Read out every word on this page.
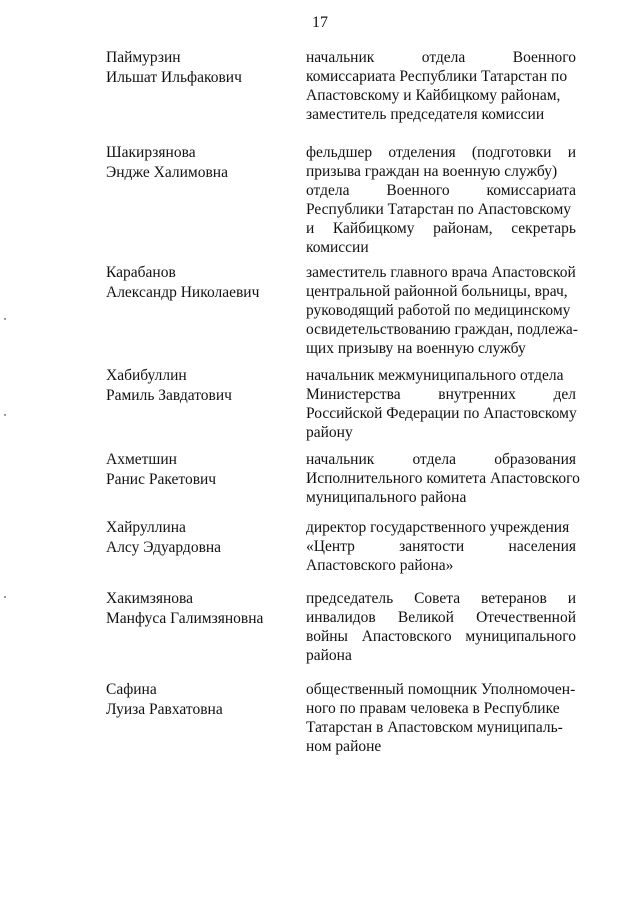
17
Паймурзин
Ильшат Ильфакович
начальник отдела Военного
комиссариата Республики Татарстан по
Апастовскому и Кайбицкому районам,
заместитель председателя комиссии
Шакирзянова
Эндже Халимовна
фельдшер отделения (подготовки и
призыва граждан на военную службу)
отдела Военного комиссариата
Республики Татарстан по Апастовскому
и Кайбицкому районам, секретарь
комиссии
Карабанов
Александр Николаевич
заместитель главного врача Апастовской
центральной районной больницы, врач,
руководящий работой по медицинскому
освидетельствованию граждан, подлежа-
щих призыву на военную службу
Хабибуллин
Рамиль Завдатович
начальник межмуниципального отдела
Министерства внутренних дел
Российской Федерации по Апастовскому
району
Ахметшин
Ранис Ракетович
начальник отдела образования
Исполнительного комитета Апастовского
муниципального района
Хайруллина
Алсу Эдуардовна
директор государственного учреждения
«Центр занятости населения
Апастовского района»
Хакимзянова
Манфуса Галимзяновна
председатель Совета ветеранов и
инвалидов Великой Отечественной
войны Апастовского муниципального
района
Сафина
Луиза Равхатовна
общественный помощник Уполномочен-
ного по правам человека в Республике
Татарстан в Апастовском муниципаль-
ном районе
